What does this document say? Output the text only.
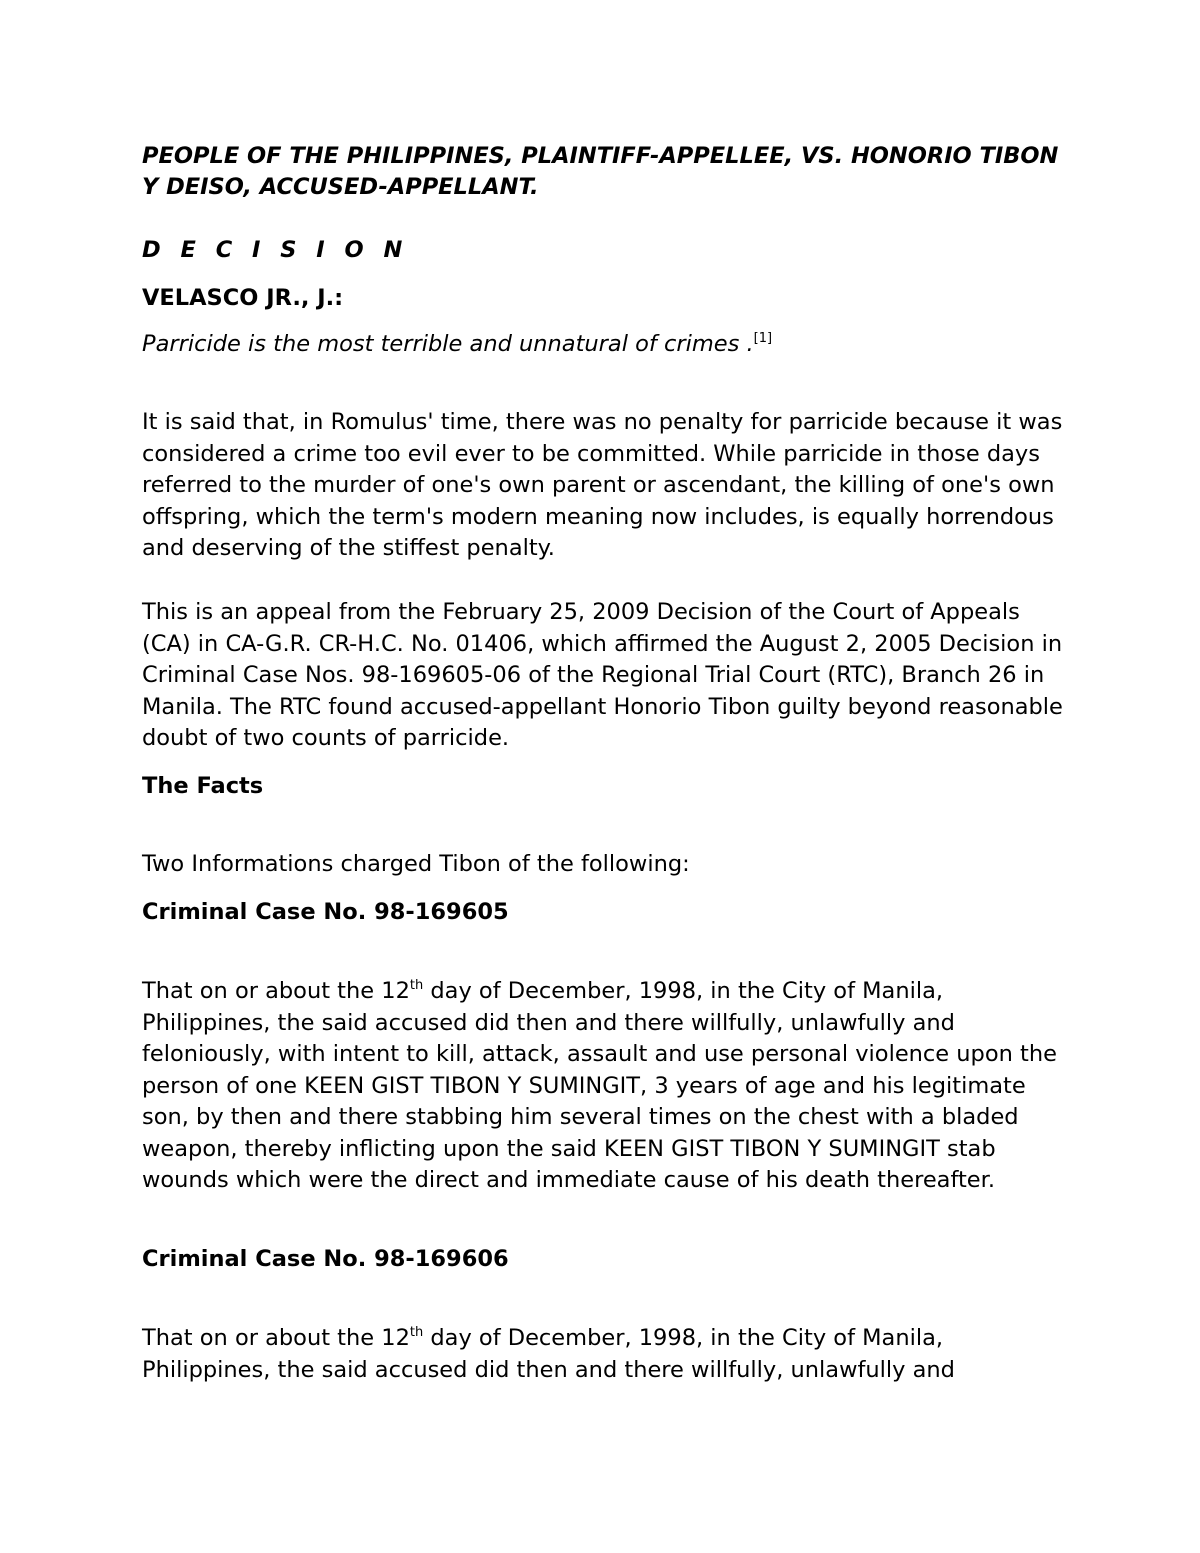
PEOPLE OF THE PHILIPPINES, PLAINTIFF-APPELLEE, VS. HONORIO TIBON Y DEISO, ACCUSED-APPELLANT.

D E C I S I O N

VELASCO JR., J.:

Parricide is the most terrible and unnatural of crimes .[1]

It is said that, in Romulus' time, there was no penalty for parricide because it was considered a crime too evil ever to be committed. While parricide in those days referred to the murder of one's own parent or ascendant, the killing of one's own offspring, which the term's modern meaning now includes, is equally horrendous and deserving of the stiffest penalty.

This is an appeal from the February 25, 2009 Decision of the Court of Appeals (CA) in CA-G.R. CR-H.C. No. 01406, which affirmed the August 2, 2005 Decision in Criminal Case Nos. 98-169605-06 of the Regional Trial Court (RTC), Branch 26 in Manila. The RTC found accused-appellant Honorio Tibon guilty beyond reasonable doubt of two counts of parricide.

The Facts

Two Informations charged Tibon of the following:

Criminal Case No. 98-169605

That on or about the 12th day of December, 1998, in the City of Manila, Philippines, the said accused did then and there willfully, unlawfully and feloniously, with intent to kill, attack, assault and use personal violence upon the person of one KEEN GIST TIBON Y SUMINGIT, 3 years of age and his legitimate son, by then and there stabbing him several times on the chest with a bladed weapon, thereby inflicting upon the said KEEN GIST TIBON Y SUMINGIT stab wounds which were the direct and immediate cause of his death thereafter.

Criminal Case No. 98-169606

That on or about the 12th day of December, 1998, in the City of Manila, Philippines, the said accused did then and there willfully, unlawfully and
